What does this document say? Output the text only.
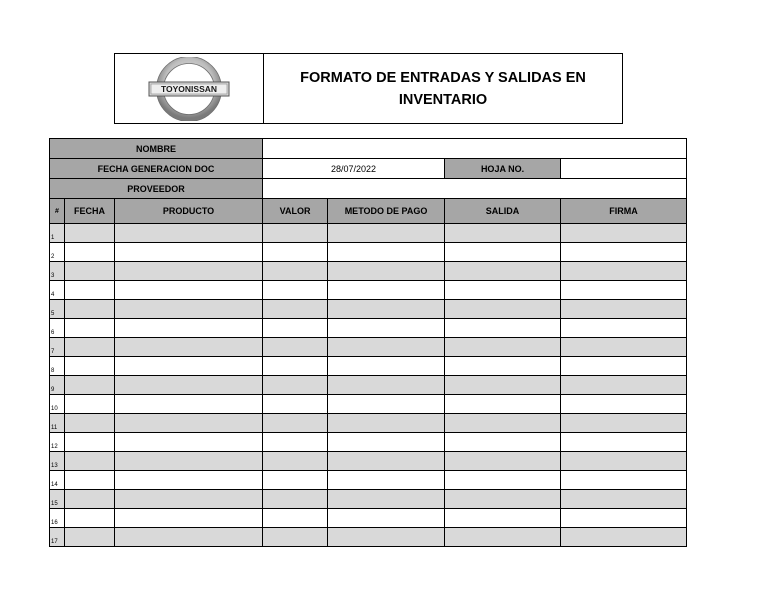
TOYONISSAN
FORMATO DE ENTRADAS Y SALIDAS EN
INVENTARIO
NOMBRE						
FECHA GENERACION DOC			28/07/2022		HOJA NO.	
PROVEEDOR						
#	FECHA	PRODUCTO	VALOR	METODO DE PAGO	SALIDA	FIRMA
1						
2						
3						
4						
5						
6						
7						
8						
9						
10						
11						
12						
13						
14						
15						
16						
17						
